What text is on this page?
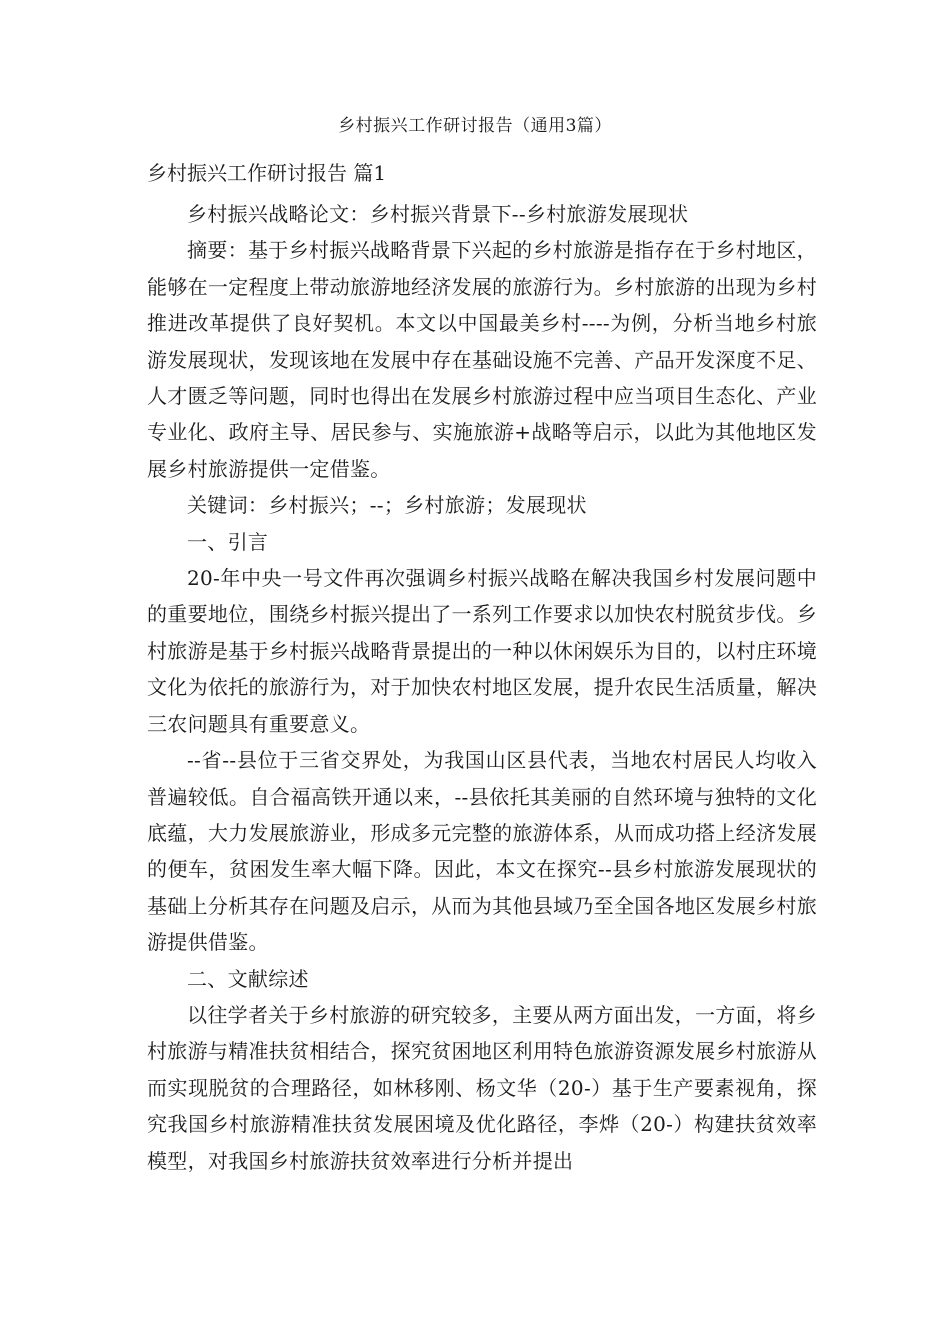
乡村振兴工作研讨报告（通用3篇）
乡村振兴工作研讨报告 篇1

乡村振兴战略论文：乡村振兴背景下--乡村旅游发展现状

摘要：基于乡村振兴战略背景下兴起的乡村旅游是指存在于乡村地区，能够在一定程度上带动旅游地经济发展的旅游行为。乡村旅游的出现为乡村推进改革提供了良好契机。本文以中国最美乡村----为例，分析当地乡村旅游发展现状，发现该地在发展中存在基础设施不完善、产品开发深度不足、人才匮乏等问题，同时也得出在发展乡村旅游过程中应当项目生态化、产业专业化、政府主导、居民参与、实施旅游+战略等启示，以此为其他地区发展乡村旅游提供一定借鉴。

关键词：乡村振兴；--；乡村旅游；发展现状

一、引言

20-年中央一号文件再次强调乡村振兴战略在解决我国乡村发展问题中的重要地位，围绕乡村振兴提出了一系列工作要求以加快农村脱贫步伐。乡村旅游是基于乡村振兴战略背景提出的一种以休闲娱乐为目的，以村庄环境文化为依托的旅游行为，对于加快农村地区发展，提升农民生活质量，解决三农问题具有重要意义。

--省--县位于三省交界处，为我国山区县代表，当地农村居民人均收入普遍较低。自合福高铁开通以来，--县依托其美丽的自然环境与独特的文化底蕴，大力发展旅游业，形成多元完整的旅游体系，从而成功搭上经济发展的便车，贫困发生率大幅下降。因此，本文在探究--县乡村旅游发展现状的基础上分析其存在问题及启示，从而为其他县域乃至全国各地区发展乡村旅游提供借鉴。

二、文献综述

以往学者关于乡村旅游的研究较多，主要从两方面出发，一方面，将乡村旅游与精准扶贫相结合，探究贫困地区利用特色旅游资源发展乡村旅游从而实现脱贫的合理路径，如林移刚、杨文华（20-）基于生产要素视角，探究我国乡村旅游精准扶贫发展困境及优化路径，李烨（20-）构建扶贫效率模型，对我国乡村旅游扶贫效率进行分析并提出
